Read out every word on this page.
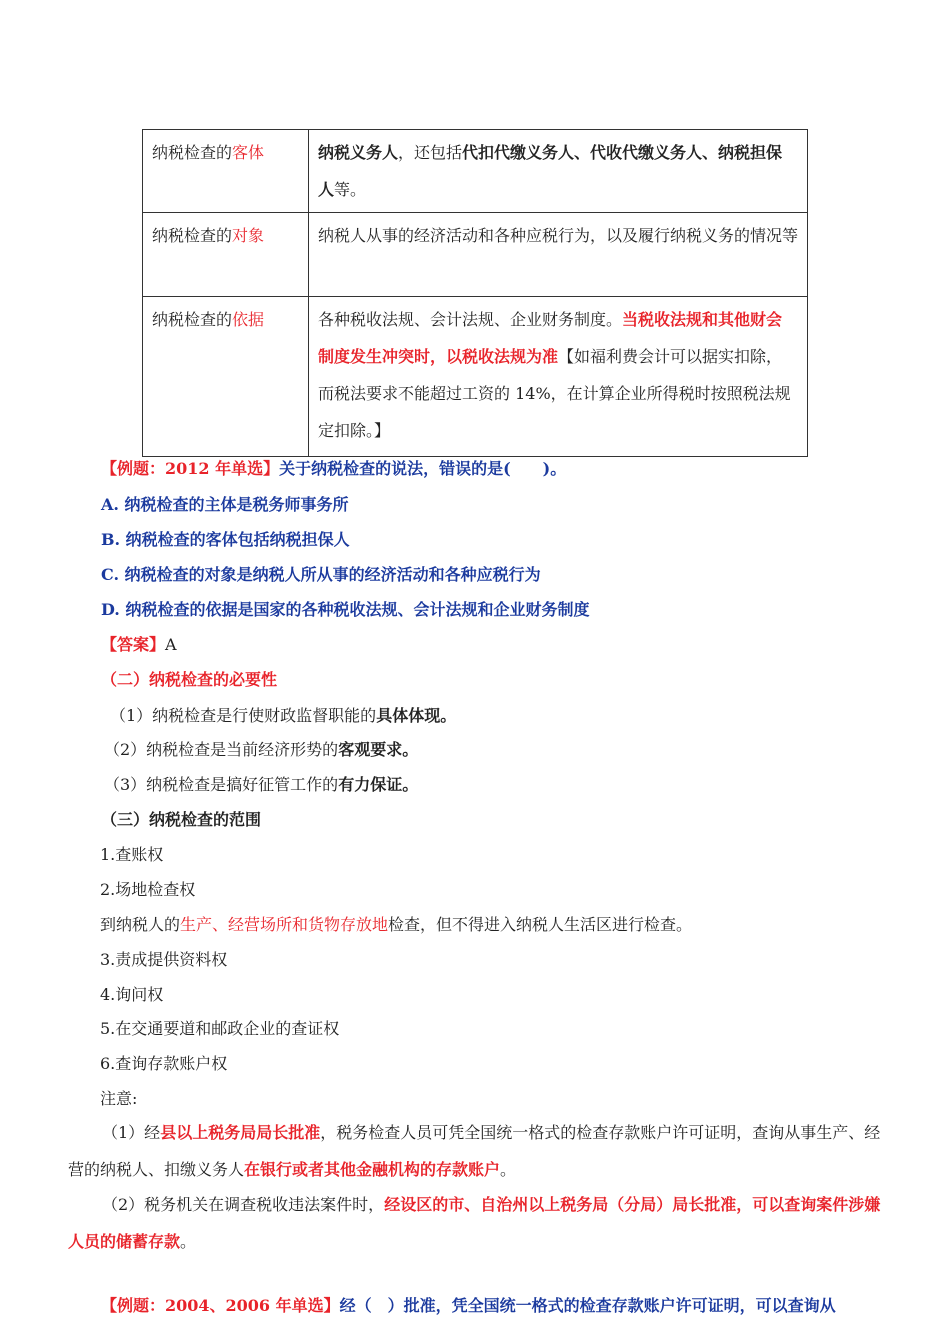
纳税检查的客体	纳税义务人，还包括代扣代缴义务人、代收代缴义务人、纳税担保人等。
纳税检查的对象	纳税人从事的经济活动和各种应税行为，以及履行纳税义务的情况等
纳税检查的依据	各种税收法规、会计法规、企业财务制度。当税收法规和其他财会制度发生冲突时，以税收法规为准【如福利费会计可以据实扣除，而税法要求不能超过工资的 14%，在计算企业所得税时按照税法规定扣除。】
【例题：2012 年单选】关于纳税检查的说法，错误的是(　　)。
A. 纳税检查的主体是税务师事务所
B. 纳税检查的客体包括纳税担保人
C. 纳税检查的对象是纳税人所从事的经济活动和各种应税行为
D. 纳税检查的依据是国家的各种税收法规、会计法规和企业财务制度
【答案】A
（二）纳税检查的必要性
（1）纳税检查是行使财政监督职能的具体体现。
（2）纳税检查是当前经济形势的客观要求。
（3）纳税检查是搞好征管工作的有力保证。
（三）纳税检查的范围
1.查账权
2.场地检查权
到纳税人的生产、经营场所和货物存放地检查，但不得进入纳税人生活区进行检查。
3.责成提供资料权
4.询问权
5.在交通要道和邮政企业的查证权
6.查询存款账户权
注意:
（1）经县以上税务局局长批准，税务检查人员可凭全国统一格式的检查存款账户许可证明，查询从事生产、经营的纳税人、扣缴义务人在银行或者其他金融机构的存款账户。
（2）税务机关在调查税收违法案件时，经设区的市、自治州以上税务局（分局）局长批准，可以查询案件涉嫌人员的储蓄存款。
【例题：2004、2006 年单选】经（　）批准，凭全国统一格式的检查存款账户许可证明，可以查询从
